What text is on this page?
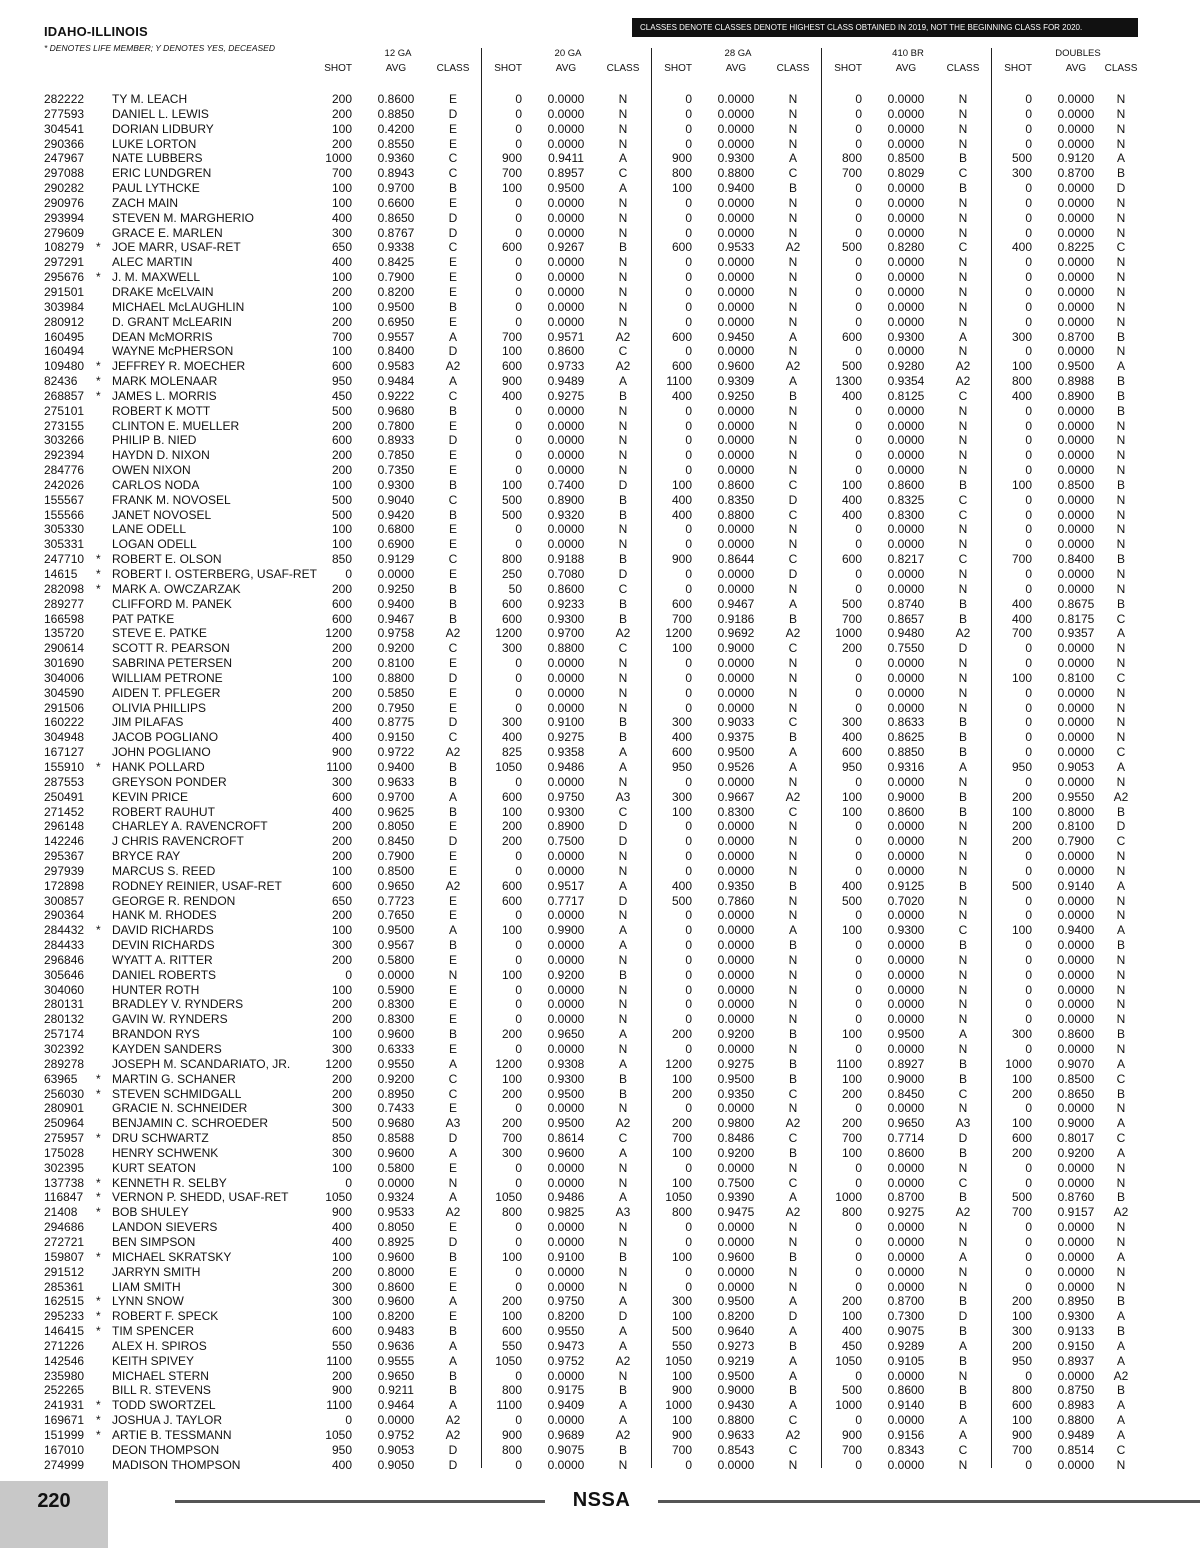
IDAHO-ILLINOIS
* DENOTES LIFE MEMBER; Y DENOTES YES, DECEASED
CLASSES DENOTE CLASSES DENOTE HIGHEST CLASS OBTAINED IN 2019, NOT THE BEGINNING CLASS FOR 2020.
12 GA	20 GA	28 GA	410 BR	DOUBLES
SHOT	AVG	CLASS	SHOT	AVG	CLASS	SHOT	AVG	CLASS	SHOT	AVG	CLASS	SHOT	AVG	CLASS
282222 TY M. LEACH	200	0.8600	E	0	0.0000	N	0	0.0000	N	0	0.0000	N	0	0.0000	N
277593 DANIEL L. LEWIS	200	0.8850	D	0	0.0000	N	0	0.0000	N	0	0.0000	N	0	0.0000	N
304541 DORIAN LIDBURY	100	0.4200	E	0	0.0000	N	0	0.0000	N	0	0.0000	N	0	0.0000	N
290366 LUKE LORTON	200	0.8550	E	0	0.0000	N	0	0.0000	N	0	0.0000	N	0	0.0000	N
247967 NATE LUBBERS	1000	0.9360	C	900	0.9411	A	900	0.9300	A	800	0.8500	B	500	0.9120	A
297088 ERIC LUNDGREN	700	0.8943	C	700	0.8957	C	800	0.8800	C	700	0.8029	C	300	0.8700	B
290282 PAUL LYTHCKE	100	0.9700	B	100	0.9500	A	100	0.9400	B	0	0.0000	B	0	0.0000	D
290976 ZACH MAIN	100	0.6600	E	0	0.0000	N	0	0.0000	N	0	0.0000	N	0	0.0000	N
293994 STEVEN M. MARGHERIO	400	0.8650	D	0	0.0000	N	0	0.0000	N	0	0.0000	N	0	0.0000	N
279609 GRACE E. MARLEN	300	0.8767	D	0	0.0000	N	0	0.0000	N	0	0.0000	N	0	0.0000	N
108279 * JOE MARR, USAF-RET	650	0.9338	C	600	0.9267	B	600	0.9533	A2	500	0.8280	C	400	0.8225	C
297291 ALEC MARTIN	400	0.8425	E	0	0.0000	N	0	0.0000	N	0	0.0000	N	0	0.0000	N
295676 * J. M. MAXWELL	100	0.7900	E	0	0.0000	N	0	0.0000	N	0	0.0000	N	0	0.0000	N
291501 DRAKE McELVAIN	200	0.8200	E	0	0.0000	N	0	0.0000	N	0	0.0000	N	0	0.0000	N
303984 MICHAEL McLAUGHLIN	100	0.9500	B	0	0.0000	N	0	0.0000	N	0	0.0000	N	0	0.0000	N
280912 D. GRANT McLEARIN	200	0.6950	E	0	0.0000	N	0	0.0000	N	0	0.0000	N	0	0.0000	N
160495 DEAN McMORRIS	700	0.9557	A	700	0.9571	A2	600	0.9450	A	600	0.9300	A	300	0.8700	B
160494 WAYNE McPHERSON	100	0.8400	D	100	0.8600	C	0	0.0000	N	0	0.0000	N	0	0.0000	N
109480 * JEFFREY R. MOECHER	600	0.9583	A2	600	0.9733	A2	600	0.9600	A2	500	0.9280	A2	100	0.9500	A
82436 * MARK MOLENAAR	950	0.9484	A	900	0.9489	A	1100	0.9309	A	1300	0.9354	A2	800	0.8988	B
268857 * JAMES L. MORRIS	450	0.9222	C	400	0.9275	B	400	0.9250	B	400	0.8125	C	400	0.8900	B
275101 ROBERT K MOTT	500	0.9680	B	0	0.0000	N	0	0.0000	N	0	0.0000	N	0	0.0000	B
273155 CLINTON E. MUELLER	200	0.7800	E	0	0.0000	N	0	0.0000	N	0	0.0000	N	0	0.0000	N
303266 PHILIP B. NIED	600	0.8933	D	0	0.0000	N	0	0.0000	N	0	0.0000	N	0	0.0000	N
292394 HAYDN D. NIXON	200	0.7850	E	0	0.0000	N	0	0.0000	N	0	0.0000	N	0	0.0000	N
284776 OWEN NIXON	200	0.7350	E	0	0.0000	N	0	0.0000	N	0	0.0000	N	0	0.0000	N
242026 CARLOS NODA	100	0.9300	B	100	0.7400	D	100	0.8600	C	100	0.8600	B	100	0.8500	B
155567 FRANK M. NOVOSEL	500	0.9040	C	500	0.8900	B	400	0.8350	D	400	0.8325	C	0	0.0000	N
155566 JANET NOVOSEL	500	0.9420	B	500	0.9320	B	400	0.8800	C	400	0.8300	C	0	0.0000	N
305330 LANE ODELL	100	0.6800	E	0	0.0000	N	0	0.0000	N	0	0.0000	N	0	0.0000	N
305331 LOGAN ODELL	100	0.6900	E	0	0.0000	N	0	0.0000	N	0	0.0000	N	0	0.0000	N
247710 * ROBERT E. OLSON	850	0.9129	C	800	0.9188	B	900	0.8644	C	600	0.8217	C	700	0.8400	B
14615 * ROBERT I. OSTERBERG, USAF-RET	0	0.0000	E	250	0.7080	D	0	0.0000	D	0	0.0000	N	0	0.0000	N
282098 * MARK A. OWCZARZAK	200	0.9250	B	50	0.8600	C	0	0.0000	N	0	0.0000	N	0	0.0000	N
289277 CLIFFORD M. PANEK	600	0.9400	B	600	0.9233	B	600	0.9467	A	500	0.8740	B	400	0.8675	B
166598 PAT PATKE	600	0.9467	B	600	0.9300	B	700	0.9186	B	700	0.8657	B	400	0.8175	C
135720 STEVE E. PATKE	1200	0.9758	A2	1200	0.9700	A2	1200	0.9692	A2	1000	0.9480	A2	700	0.9357	A
290614 SCOTT R. PEARSON	200	0.9200	C	300	0.8800	C	100	0.9000	C	200	0.7550	D	0	0.0000	N
301690 SABRINA PETERSEN	200	0.8100	E	0	0.0000	N	0	0.0000	N	0	0.0000	N	0	0.0000	N
304006 WILLIAM PETRONE	100	0.8800	D	0	0.0000	N	0	0.0000	N	0	0.0000	N	100	0.8100	C
304590 AIDEN T. PFLEGER	200	0.5850	E	0	0.0000	N	0	0.0000	N	0	0.0000	N	0	0.0000	N
291506 OLIVIA PHILLIPS	200	0.7950	E	0	0.0000	N	0	0.0000	N	0	0.0000	N	0	0.0000	N
160222 JIM PILAFAS	400	0.8775	D	300	0.9100	B	300	0.9033	C	300	0.8633	B	0	0.0000	N
304948 JACOB POGLIANO	400	0.9150	C	400	0.9275	B	400	0.9375	B	400	0.8625	B	0	0.0000	N
167127 JOHN POGLIANO	900	0.9722	A2	825	0.9358	A	600	0.9500	A	600	0.8850	B	0	0.0000	C
155910 * HANK POLLARD	1100	0.9400	B	1050	0.9486	A	950	0.9526	A	950	0.9316	A	950	0.9053	A
287553 GREYSON PONDER	300	0.9633	B	0	0.0000	N	0	0.0000	N	0	0.0000	N	0	0.0000	N
250491 KEVIN PRICE	600	0.9700	A	600	0.9750	A3	300	0.9667	A2	100	0.9000	B	200	0.9550	A2
271452 ROBERT RAUHUT	400	0.9625	B	100	0.9300	C	100	0.8300	C	100	0.8600	B	100	0.8000	B
296148 CHARLEY A. RAVENCROFT	200	0.8050	E	200	0.8900	D	0	0.0000	N	0	0.0000	N	200	0.8100	D
142246 J CHRIS RAVENCROFT	200	0.8450	D	200	0.7500	D	0	0.0000	N	0	0.0000	N	200	0.7900	C
295367 BRYCE RAY	200	0.7900	E	0	0.0000	N	0	0.0000	N	0	0.0000	N	0	0.0000	N
297939 MARCUS S. REED	100	0.8500	E	0	0.0000	N	0	0.0000	N	0	0.0000	N	0	0.0000	N
172898 RODNEY REINIER, USAF-RET	600	0.9650	A2	600	0.9517	A	400	0.9350	B	400	0.9125	B	500	0.9140	A
300857 GEORGE R. RENDON	650	0.7723	E	600	0.7717	D	500	0.7860	N	500	0.7020	N	0	0.0000	N
290364 HANK M. RHODES	200	0.7650	E	0	0.0000	N	0	0.0000	N	0	0.0000	N	0	0.0000	N
284432 * DAVID RICHARDS	100	0.9500	A	100	0.9900	A	0	0.0000	A	100	0.9300	C	100	0.9400	A
284433 DEVIN RICHARDS	300	0.9567	B	0	0.0000	A	0	0.0000	B	0	0.0000	B	0	0.0000	B
296846 WYATT A. RITTER	200	0.5800	E	0	0.0000	N	0	0.0000	N	0	0.0000	N	0	0.0000	N
305646 DANIEL ROBERTS	0	0.0000	N	100	0.9200	B	0	0.0000	N	0	0.0000	N	0	0.0000	N
304060 HUNTER ROTH	100	0.5900	E	0	0.0000	N	0	0.0000	N	0	0.0000	N	0	0.0000	N
280131 BRADLEY V. RYNDERS	200	0.8300	E	0	0.0000	N	0	0.0000	N	0	0.0000	N	0	0.0000	N
280132 GAVIN W. RYNDERS	200	0.8300	E	0	0.0000	N	0	0.0000	N	0	0.0000	N	0	0.0000	N
257174 BRANDON RYS	100	0.9600	B	200	0.9650	A	200	0.9200	B	100	0.9500	A	300	0.8600	B
302392 KAYDEN SANDERS	300	0.6333	E	0	0.0000	N	0	0.0000	N	0	0.0000	N	0	0.0000	N
289278 JOSEPH M. SCANDARIATO, JR.	1200	0.9550	A	1200	0.9308	A	1200	0.9275	B	1100	0.8927	B	1000	0.9070	A
63965 * MARTIN G. SCHANER	200	0.9200	C	100	0.9300	B	100	0.9500	B	100	0.9000	B	100	0.8500	C
256030 * STEVEN SCHMIDGALL	200	0.8950	C	200	0.9500	B	200	0.9350	C	200	0.8450	C	200	0.8650	B
280901 GRACIE N. SCHNEIDER	300	0.7433	E	0	0.0000	N	0	0.0000	N	0	0.0000	N	0	0.0000	N
250964 BENJAMIN C. SCHROEDER	500	0.9680	A3	200	0.9500	A2	200	0.9800	A2	200	0.9650	A3	100	0.9000	A
275957 * DRU SCHWARTZ	850	0.8588	D	700	0.8614	C	700	0.8486	C	700	0.7714	D	600	0.8017	C
175028 HENRY SCHWENK	300	0.9600	A	300	0.9600	A	100	0.9200	B	100	0.8600	B	200	0.9200	A
302395 KURT SEATON	100	0.5800	E	0	0.0000	N	0	0.0000	N	0	0.0000	N	0	0.0000	N
137738 * KENNETH R. SELBY	0	0.0000	N	0	0.0000	N	100	0.7500	C	0	0.0000	C	0	0.0000	N
116847 * VERNON P. SHEDD, USAF-RET	1050	0.9324	A	1050	0.9486	A	1050	0.9390	A	1000	0.8700	B	500	0.8760	B
21408 * BOB SHULEY	900	0.9533	A2	800	0.9825	A3	800	0.9475	A2	800	0.9275	A2	700	0.9157	A2
294686 LANDON SIEVERS	400	0.8050	E	0	0.0000	N	0	0.0000	N	0	0.0000	N	0	0.0000	N
272721 BEN SIMPSON	400	0.8925	D	0	0.0000	N	0	0.0000	N	0	0.0000	N	0	0.0000	N
159807 * MICHAEL SKRATSKY	100	0.9600	B	100	0.9100	B	100	0.9600	B	0	0.0000	A	0	0.0000	A
291512 JARRYN SMITH	200	0.8000	E	0	0.0000	N	0	0.0000	N	0	0.0000	N	0	0.0000	N
285361 LIAM SMITH	300	0.8600	E	0	0.0000	N	0	0.0000	N	0	0.0000	N	0	0.0000	N
162515 * LYNN SNOW	300	0.9600	A	200	0.9750	A	300	0.9500	A	200	0.8700	B	200	0.8950	B
295233 * ROBERT F. SPECK	100	0.8200	E	100	0.8200	D	100	0.8200	D	100	0.7300	D	100	0.9300	A
146415 * TIM SPENCER	600	0.9483	B	600	0.9550	A	500	0.9640	A	400	0.9075	B	300	0.9133	B
271226 ALEX H. SPIROS	550	0.9636	A	550	0.9473	A	550	0.9273	B	450	0.9289	A	200	0.9150	A
142546 KEITH SPIVEY	1100	0.9555	A	1050	0.9752	A2	1050	0.9219	A	1050	0.9105	B	950	0.8937	A
235980 MICHAEL STERN	200	0.9650	B	0	0.0000	N	100	0.9500	A	0	0.0000	N	0	0.0000	A2
252265 BILL R. STEVENS	900	0.9211	B	800	0.9175	B	900	0.9000	B	500	0.8600	B	800	0.8750	B
241931 * TODD SWORTZEL	1100	0.9464	A	1100	0.9409	A	1000	0.9430	A	1000	0.9140	B	600	0.8983	A
169671 * JOSHUA J. TAYLOR	0	0.0000	A2	0	0.0000	A	100	0.8800	C	0	0.0000	A	100	0.8800	A
151999 * ARTIE B. TESSMANN	1050	0.9752	A2	900	0.9689	A2	900	0.9633	A2	900	0.9156	A	900	0.9489	A
167010 DEON THOMPSON	950	0.9053	D	800	0.9075	B	700	0.8543	C	700	0.8343	C	700	0.8514	C
274999 MADISON THOMPSON	400	0.9050	D	0	0.0000	N	0	0.0000	N	0	0.0000	N	0	0.0000	N
220	NSSA
